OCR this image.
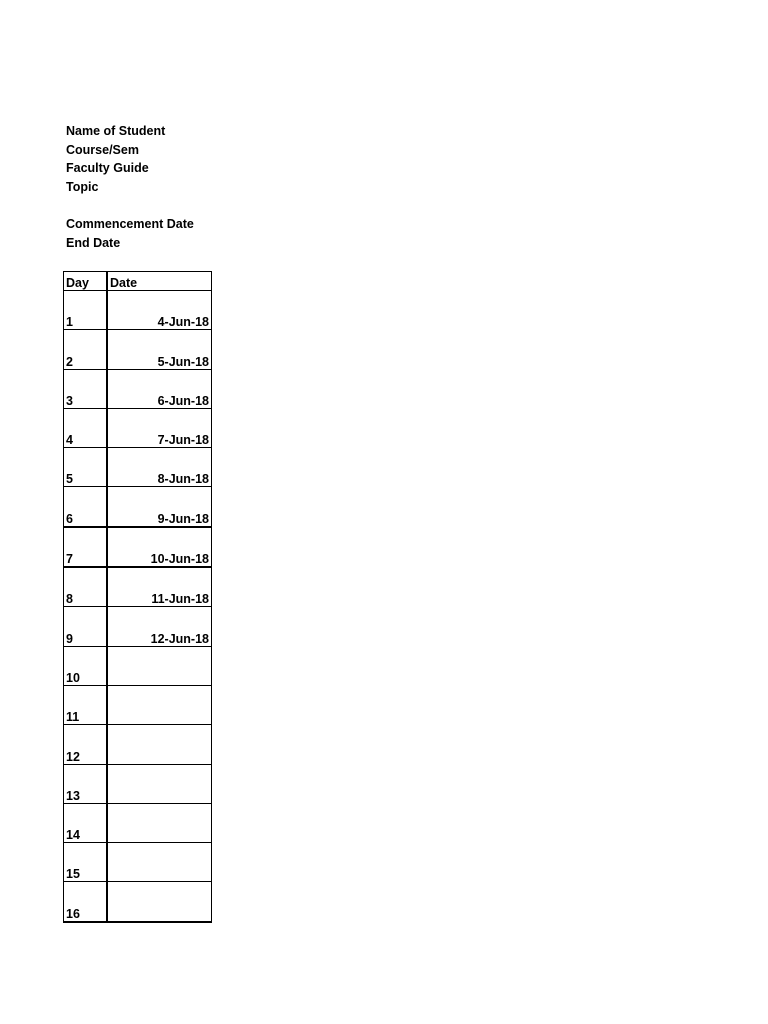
Name of Student
Course/Sem
Faculty Guide
Topic
Commencement Date
End Date
Day	Date
1	4-Jun-18
2	5-Jun-18
3	6-Jun-18
4	7-Jun-18
5	8-Jun-18
6	9-Jun-18
7	10-Jun-18
8	11-Jun-18
9	12-Jun-18
10	
11	
12	
13	
14	
15	
16	
